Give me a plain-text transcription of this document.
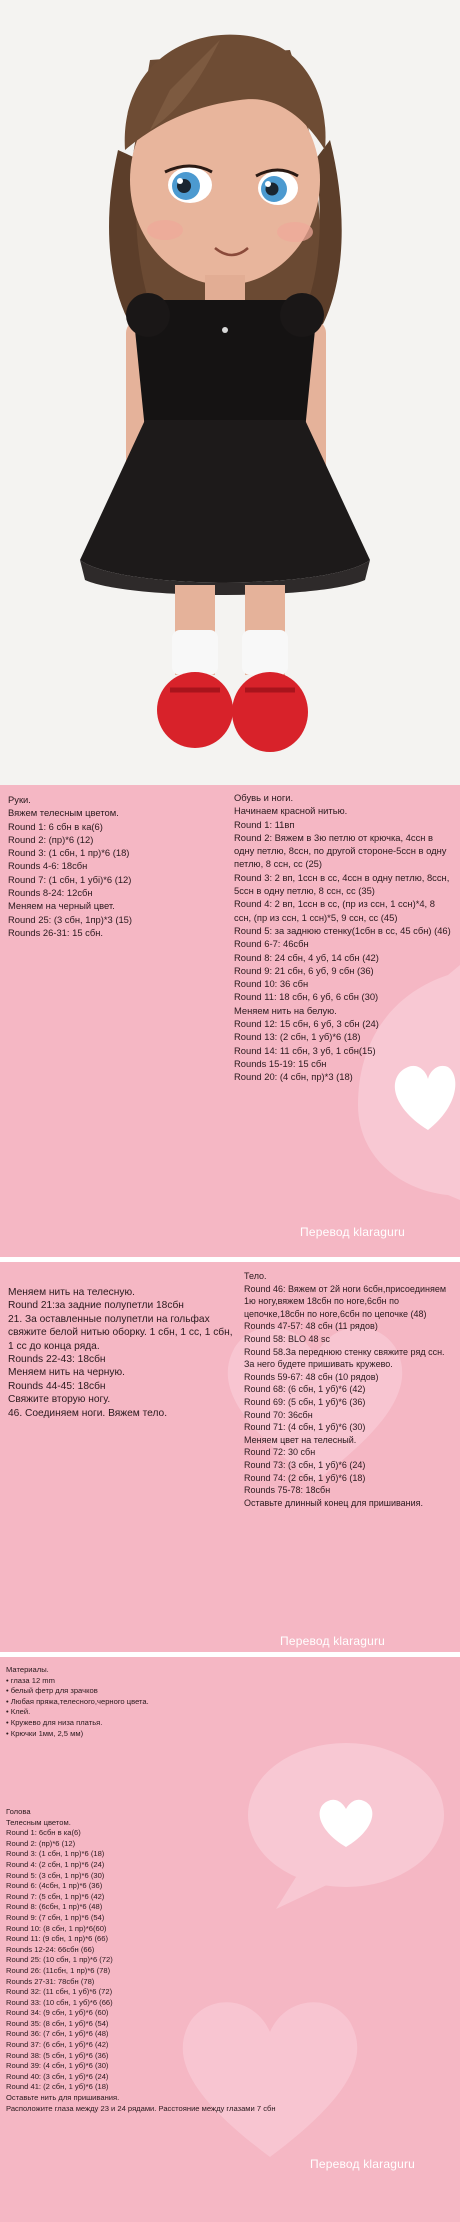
Руки.
Вяжем телесным цветом.
Round 1: 6 сбн в ка(6)
Round 2: (пр)*6 (12)
Round 3: (1 сбн, 1 пр)*6 (18)
Rounds 4-6: 18сбн
Round 7: (1 сбн, 1 убі)*6 (12)
Rounds 8-24: 12сбн
Меняем на черный цвет.
Round 25: (3 сбн, 1пр)*3 (15)
Rounds 26-31: 15 сбн.
Обувь и ноги.
Начинаем красной нитью.
Round 1: 11вп
Round 2: Вяжем в 3ю петлю от крючка, 4ссн в одну петлю, 8ссн, по другой стороне-5ссн в одну петлю, 8 ссн, сс (25)
Round 3: 2 вп, 1ссн в сс, 4ссн в одну петлю, 8ссн, 5ссн в одну петлю, 8 ссн, сс (35)
Round 4: 2 вп, 1ссн в сс, (пр из ссн, 1 ссн)*4, 8 ссн, (пр из ссн, 1 ссн)*5, 9 ссн, сс (45)
Round 5: за заднюю стенку(1сбн в сс, 45 сбн) (46)
Round 6-7: 46сбн
Round 8: 24 сбн, 4 уб, 14 сбн (42)
Round 9: 21 сбн, 6 уб, 9 сбн (36)
Round 10: 36 сбн
Round 11: 18 сбн, 6 уб, 6 сбн (30)
Меняем нить на белую.
Round 12: 15 сбн, 6 уб, 3 сбн (24)
Round 13: (2 сбн, 1 уб)*6 (18)
Round 14: 11 сбн, 3 уб, 1 сбн(15)
Rounds 15-19: 15 сбн
Round 20: (4 сбн, пр)*3 (18)
Перевод klaraguru
Меняем нить на телесную.
Round 21:за задние полупетли 18сбн
21. За оставленные полупетли на гольфах свяжите белой нитью оборку. 1 сбн, 1 сс, 1 сбн, 1 сс до конца ряда.
Rounds 22-43: 18сбн
Меняем нить на черную.
Rounds 44-45: 18сбн
Свяжите вторую ногу.
46. Соединяем ноги. Вяжем тело.
Тело.
Round 46: Вяжем от 2й ноги 6сбн,присоединяем 1ю ногу,вяжем 18сбн по ноге,6сбн по цепочке,18сбн по ноге,6сбн по цепочке (48)
Rounds 47-57: 48 сбн (11 рядов)
Round 58: BLO 48 sc
Round 58.За переднюю стенку свяжите ряд ссн. За него будете пришивать кружево.
Rounds 59-67: 48 сбн (10 рядов)
Round 68: (6 сбн, 1 уб)*6 (42)
Round 69: (5 сбн, 1 уб)*6 (36)
Round 70: 36сбн
Round 71: (4 сбн, 1 уб)*6 (30)
Меняем цвет на телесный.
Round 72: 30 сбн
Round 73: (3 сбн, 1 уб)*6 (24)
Round 74: (2 сбн, 1 уб)*6 (18)
Rounds 75-78: 18сбн
Оставьте длинный конец для пришивания.
Перевод klaraguru
Материалы.
• глаза 12 mm
• белый фетр для зрачков
• Любая пряжа,телесного,черного цвета.
• Клей.
• Кружево для низа платья.
• Крючки 1мм, 2,5 мм)
Голова
Телесным цветом.
Round 1: 6сбн в ка(6)
Round 2: (пр)*6 (12)
Round 3: (1 сбн, 1 пр)*6 (18)
Round 4: (2 сбн, 1 пр)*6 (24)
Round 5: (3 сбн, 1 пр)*6 (30)
Round 6: (4сбн, 1 пр)*6 (36)
Round 7: (5 сбн, 1 пр)*6 (42)
Round 8: (6сбн, 1 пр)*6 (48)
Round 9: (7 сбн, 1 пр)*6 (54)
Round 10: (8 сбн, 1 пр)*6(60)
Round 11: (9 сбн, 1 пр)*6 (66)
Rounds 12-24: 66сбн (66)
Round 25: (10 сбн, 1 пр)*6 (72)
Round 26: (11сбн, 1 пр)*6 (78)
Rounds 27-31: 78сбн (78)
Round 32: (11 сбн, 1 уб)*6 (72)
Round 33: (10 сбн, 1 уб)*6 (66)
Round 34: (9 сбн, 1 уб)*6 (60)
Round 35: (8 сбн, 1 уб)*6 (54)
Round 36: (7 сбн, 1 уб)*6 (48)
Round 37: (6 сбн, 1 уб)*6 (42)
Round 38: (5 сбн, 1 уб)*6 (36)
Round 39: (4 сбн, 1 уб)*6 (30)
Round 40: (3 сбн, 1 уб)*6 (24)
Round 41: (2 сбн, 1 уб)*6 (18)
Оставьте нить для пришивания.
Расположите глаза между 23 и 24 рядами. Расстояние между глазами 7 сбн
Перевод klaraguru
